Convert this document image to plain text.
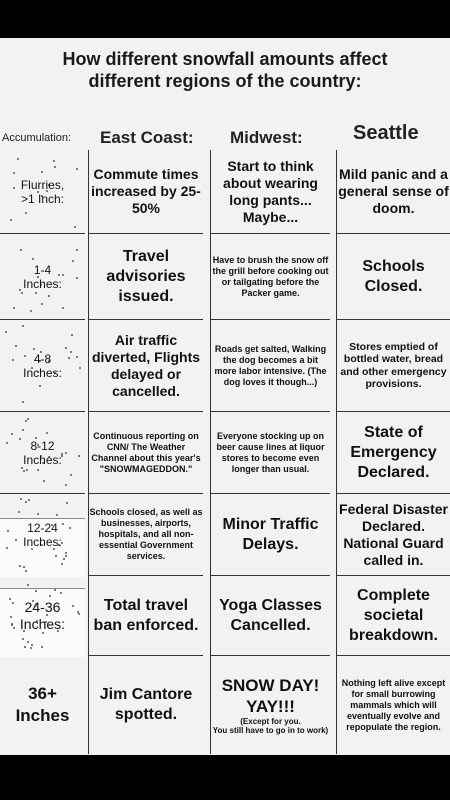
How different snowfall amounts affect
different regions of the country:
Accumulation: East Coast: Midwest:	Seattle
Flurries,
>1 Inch:
Commute times increased by 25-50%
Start to think about wearing long pants... Maybe...
Mild panic and a general sense of doom.
1-4
Inches:
Travel advisories issued.
Have to brush the snow off the grill before cooking out or tailgating before the Packer game.
Schools Closed.
4-8
Inches:
Air traffic diverted, Flights delayed or cancelled.
Roads get salted, Walking the dog becomes a bit more labor intensive. (The dog loves it though...)
Stores emptied of bottled water, bread and other emergency provisions.
8-12
Inches:
Continuous reporting on CNN/ The Weather Channel about this year's "SNOWMAGEDDON."
Everyone stocking up on beer cause lines at liquor stores to become even longer than usual.
State of Emergency Declared.
12-24
Inches:
Schools closed, as well as businesses, airports, hospitals, and all non-essential Government services.
Minor Traffic Delays.
Federal Disaster Declared. National Guard called in.
24-36
Inches:
Total travel ban enforced.
Yoga Classes Cancelled.
Complete societal breakdown.
36+
Inches
Jim Cantore spotted.
SNOW DAY! YAY!!!
(Except for you.
You still have to go in to work)
Nothing left alive except for small burrowing mammals which will eventually evolve and repopulate the region.
